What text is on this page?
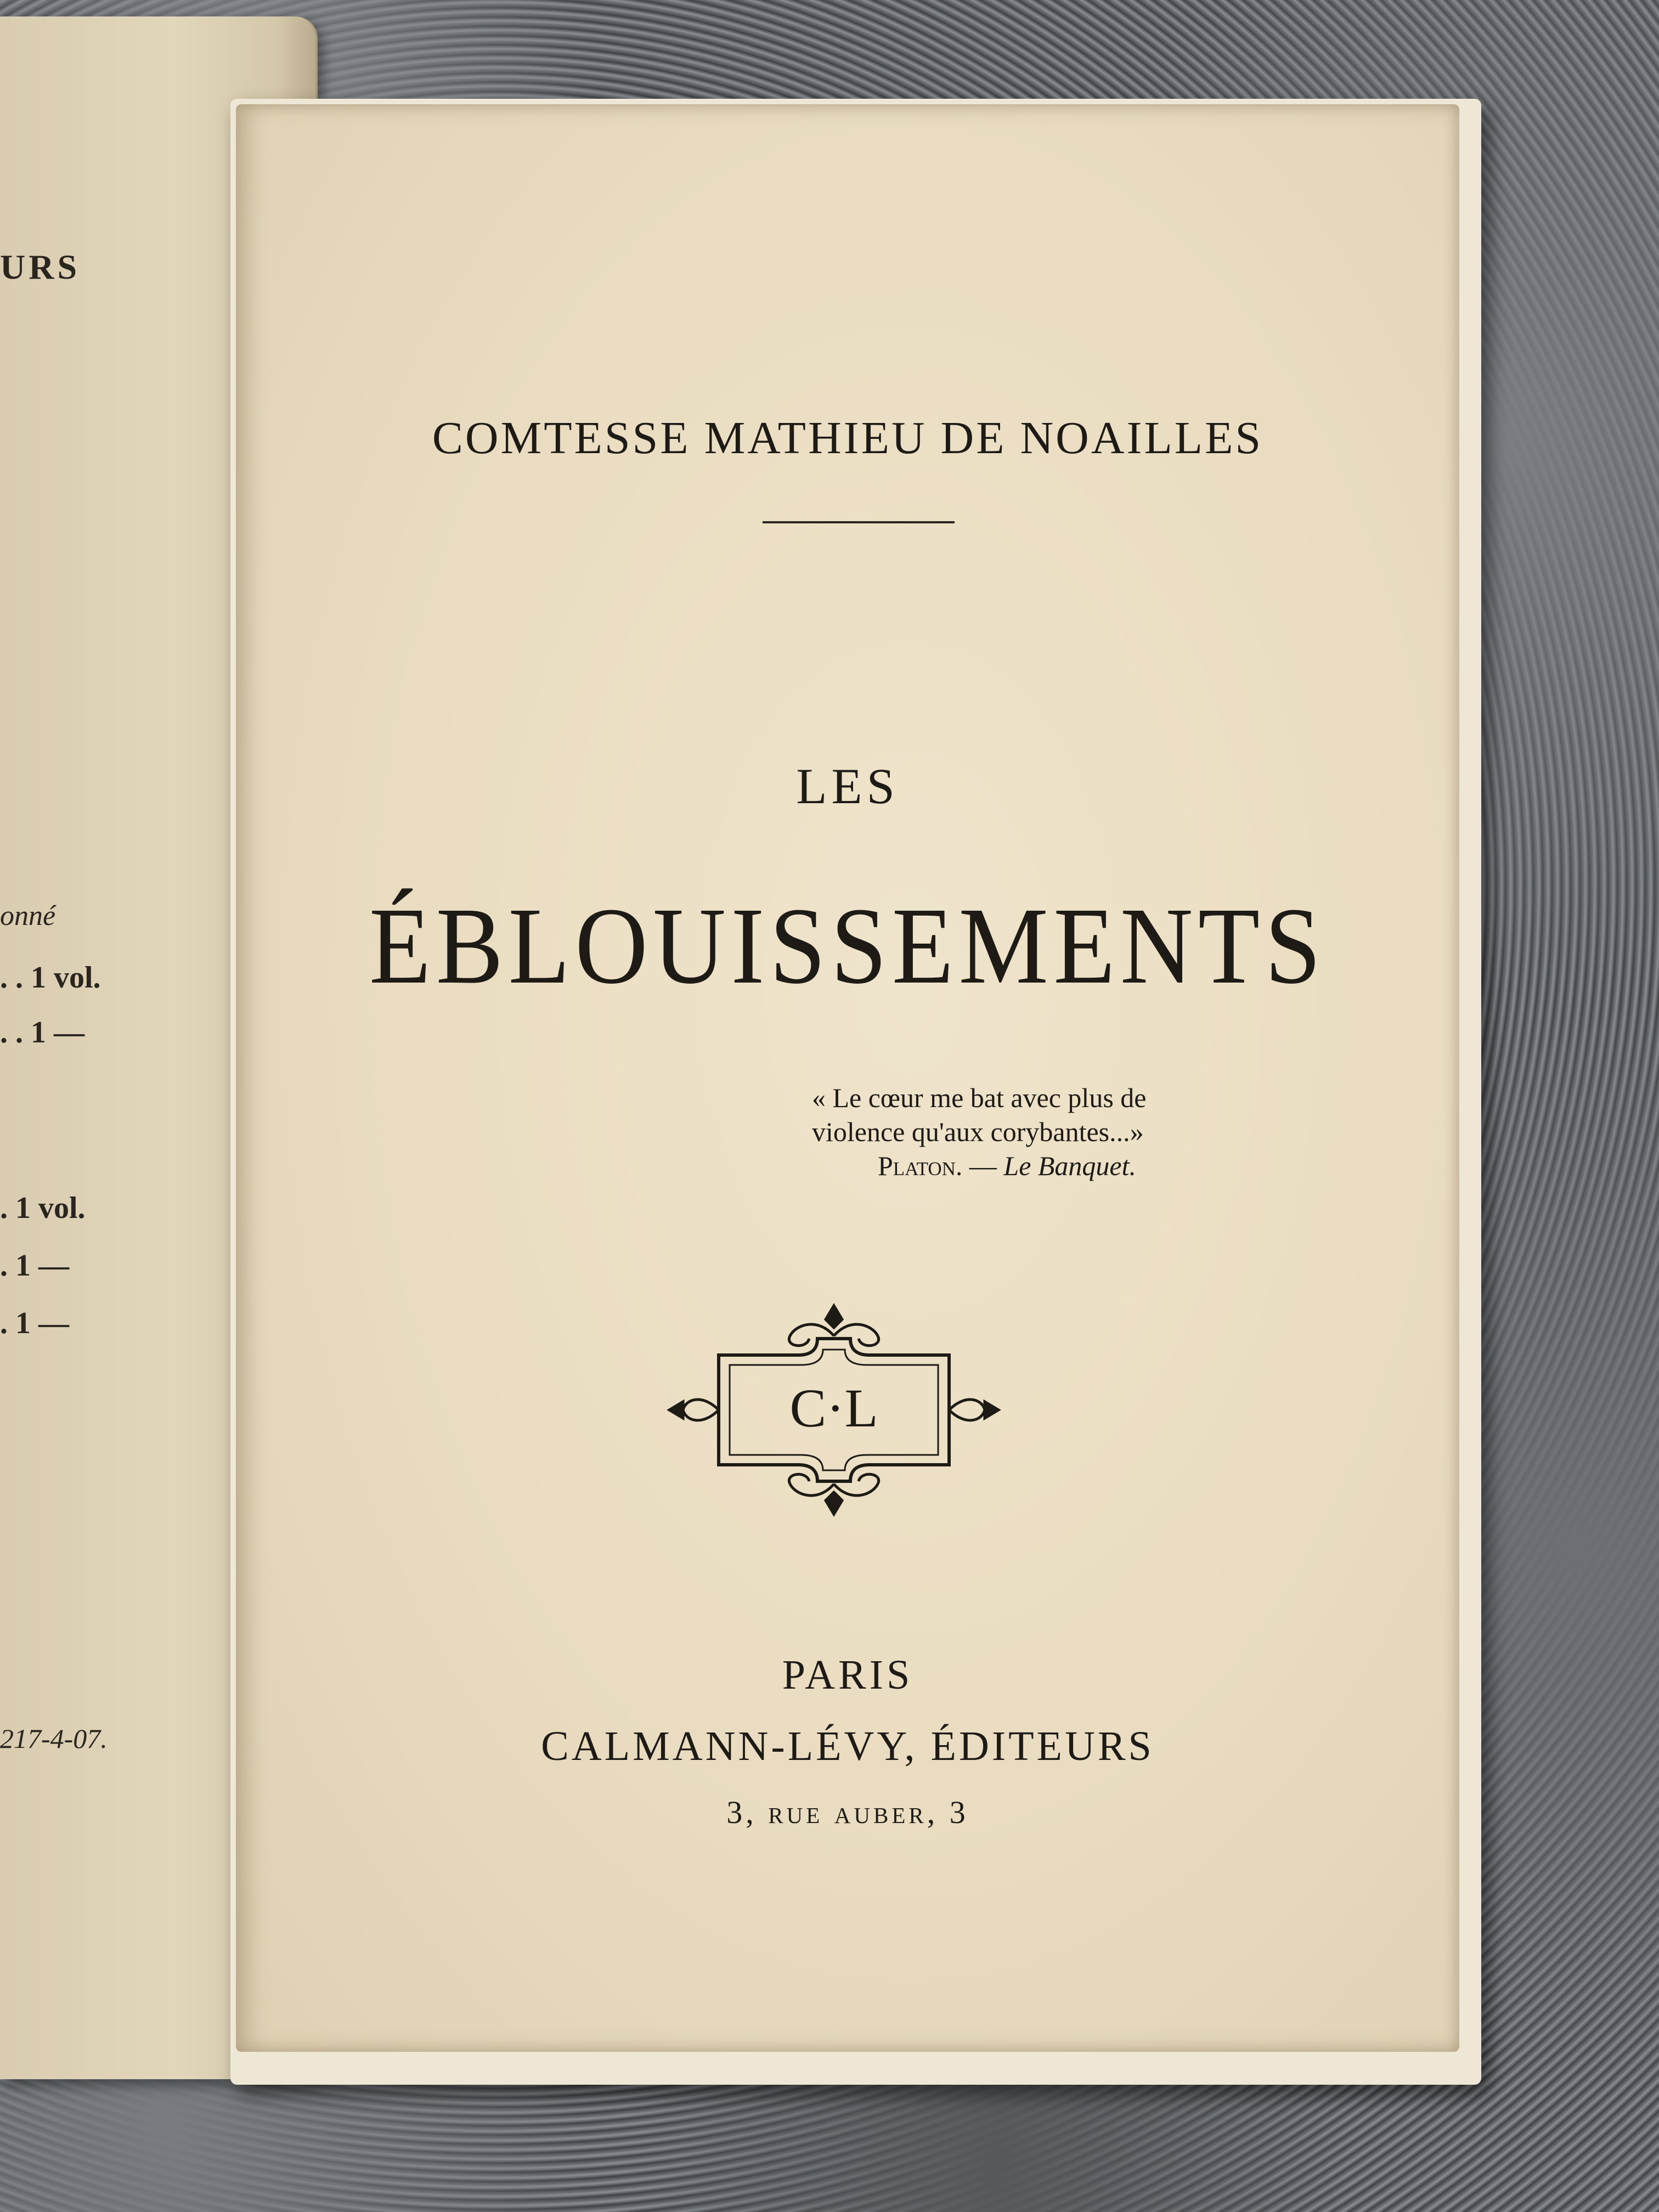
URS
onné
. . 1 vol.
. . 1 —
. 1 vol.
. 1 —
. 1 —
217-4-07.
COMTESSE MATHIEU DE NOAILLES
LES
ÉBLOUISSEMENTS
« Le cœur me bat avec plus de
violence qu'aux corybantes...»
Platon. — Le Banquet.
C·L
PARIS
CALMANN-LÉVY, ÉDITEURS
3, rue auber, 3
